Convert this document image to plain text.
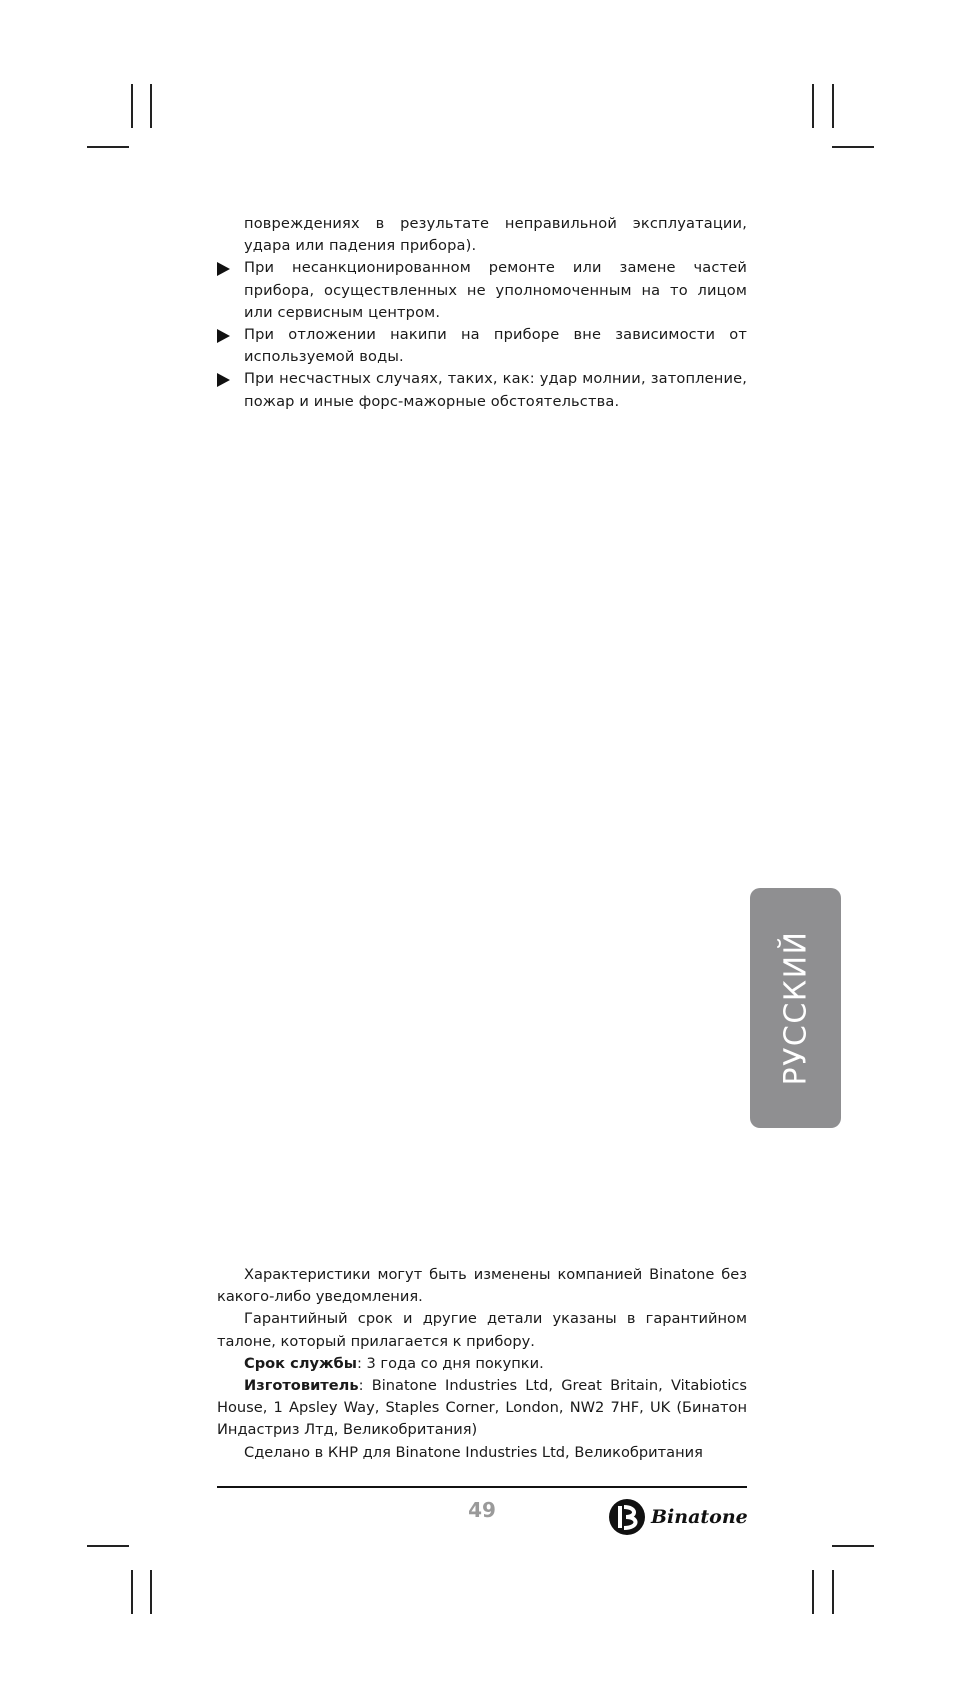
повреждениях в результате неправильной эксплуатации, удара или падения прибора).

При несанкционированном ремонте или замене частей прибора, осуществленных не уполномоченным на то лицом или сервисным центром.

При отложении накипи на приборе вне зависимости от используемой воды.

При несчастных случаях, таких, как: удар молнии, затопление, пожар и иные форс-мажорные обстоятельства.

РУССКИЙ

Характеристики могут быть изменены компанией Binatone без какого-либо уведомления.

Гарантийный срок и другие детали указаны в гарантийном талоне, который прилагается к прибору.

Срок службы: 3 года со дня покупки.

Изготовитель: Binatone Industries Ltd, Great Britain, Vitabiotics House, 1 Apsley Way, Staples Corner, London, NW2 7HF, UK (Бинатон Индастриз Лтд, Великобритания)

Сделано в КНР для Binatone Industries Ltd, Великобритания

49	Binatone
